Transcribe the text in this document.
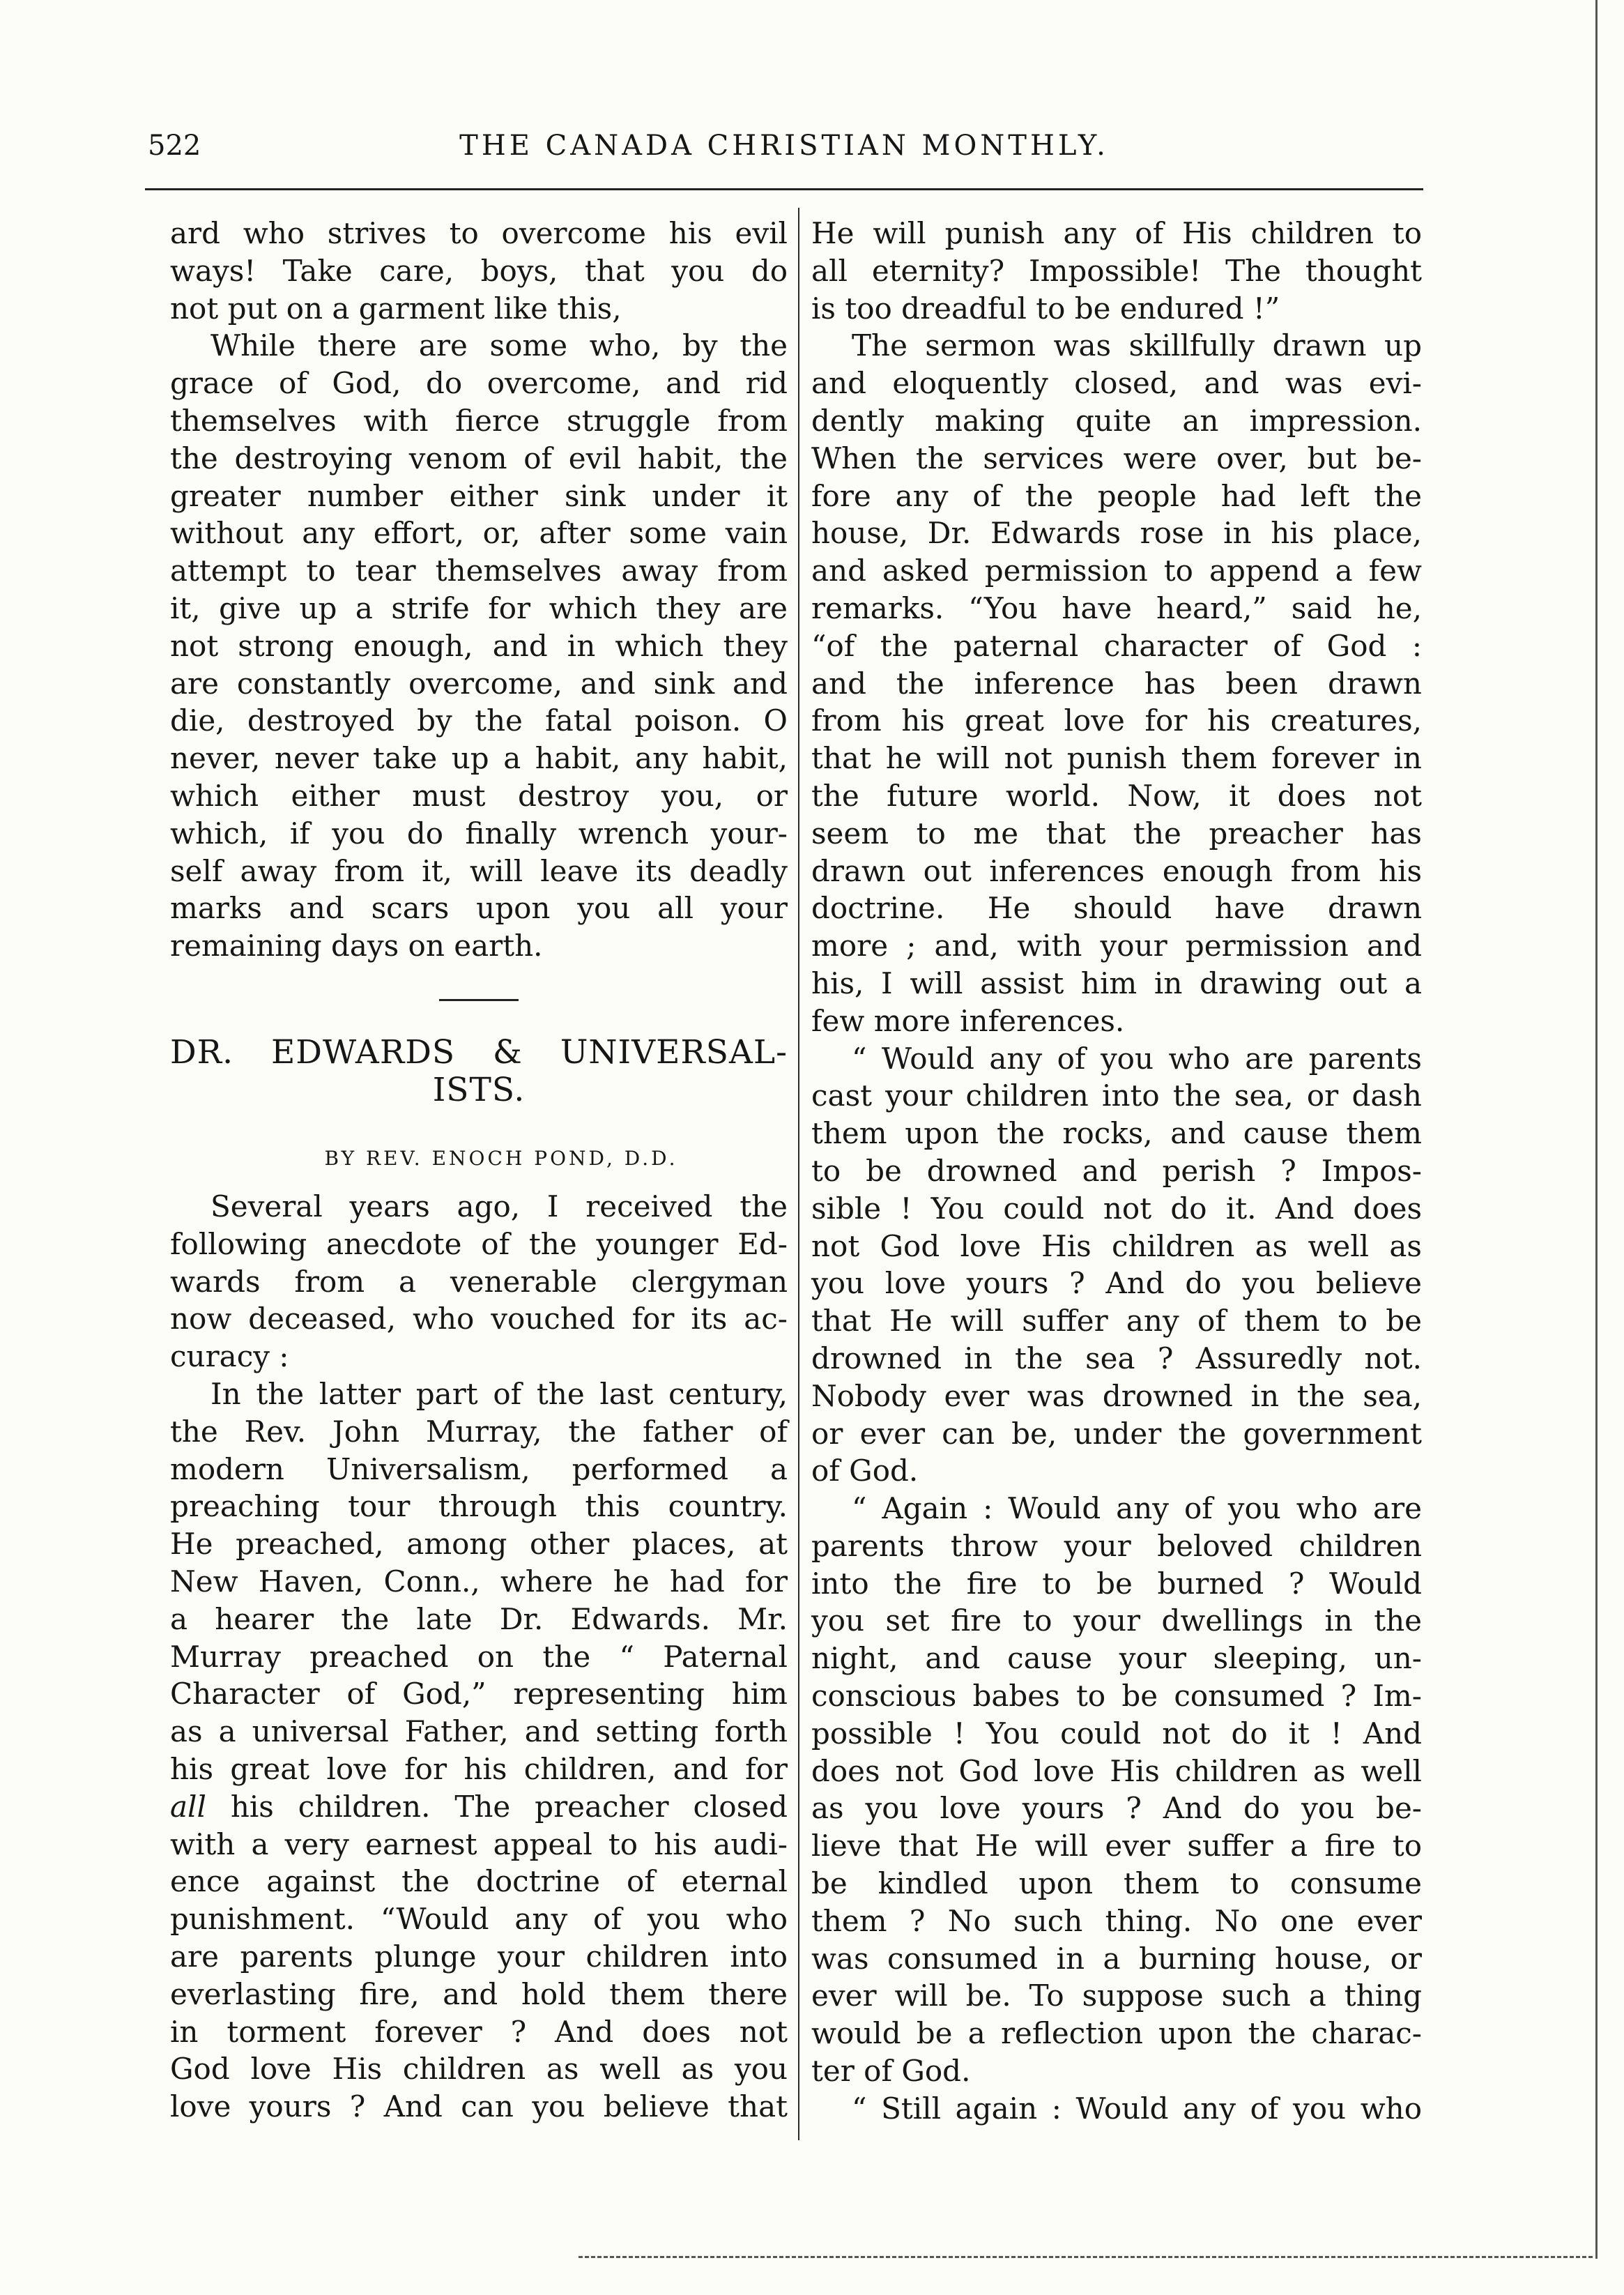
522	THE CANADA CHRISTIAN MONTHLY.
ard who strives to overcome his evil
ways! Take care, boys, that you do
not put on a garment like this,
While there are some who, by the
grace of God, do overcome, and rid
themselves with fierce struggle from
the destroying venom of evil habit, the
greater number either sink under it
without any effort, or, after some vain
attempt to tear themselves away from
it, give up a strife for which they are
not strong enough, and in which they
are constantly overcome, and sink and
die, destroyed by the fatal poison. O
never, never take up a habit, any habit,
which either must destroy you, or
which, if you do finally wrench your-
self away from it, will leave its deadly
marks and scars upon you all your
remaining days on earth.
DR. EDWARDS & UNIVERSAL-
ISTS.
BY REV. ENOCH POND, D.D.
Several years ago, I received the
following anecdote of the younger Ed-
wards from a venerable clergyman
now deceased, who vouched for its ac-
curacy :
In the latter part of the last century,
the Rev. John Murray, the father of
modern Universalism, performed a
preaching tour through this country.
He preached, among other places, at
New Haven, Conn., where he had for
a hearer the late Dr. Edwards. Mr.
Murray preached on the “ Paternal
Character of God,” representing him
as a universal Father, and setting forth
his great love for his children, and for
all his children. The preacher closed
with a very earnest appeal to his audi-
ence against the doctrine of eternal
punishment. “Would any of you who
are parents plunge your children into
everlasting fire, and hold them there
in torment forever ? And does not
God love His children as well as you
love yours ? And can you believe that
He will punish any of His children to
all eternity? Impossible! The thought
is too dreadful to be endured !”
The sermon was skillfully drawn up
and eloquently closed, and was evi-
dently making quite an impression.
When the services were over, but be-
fore any of the people had left the
house, Dr. Edwards rose in his place,
and asked permission to append a few
remarks. “You have heard,” said he,
“of the paternal character of God :
and the inference has been drawn
from his great love for his creatures,
that he will not punish them forever in
the future world. Now, it does not
seem to me that the preacher has
drawn out inferences enough from his
doctrine. He should have drawn
more ; and, with your permission and
his, I will assist him in drawing out a
few more inferences.
“ Would any of you who are parents
cast your children into the sea, or dash
them upon the rocks, and cause them
to be drowned and perish ? Impos-
sible ! You could not do it. And does
not God love His children as well as
you love yours ? And do you believe
that He will suffer any of them to be
drowned in the sea ? Assuredly not.
Nobody ever was drowned in the sea,
or ever can be, under the government
of God.
“ Again : Would any of you who are
parents throw your beloved children
into the fire to be burned ? Would
you set fire to your dwellings in the
night, and cause your sleeping, un-
conscious babes to be consumed ? Im-
possible ! You could not do it ! And
does not God love His children as well
as you love yours ? And do you be-
lieve that He will ever suffer a fire to
be kindled upon them to consume
them ? No such thing. No one ever
was consumed in a burning house, or
ever will be. To suppose such a thing
would be a reflection upon the charac-
ter of God.
“ Still again : Would any of you who
